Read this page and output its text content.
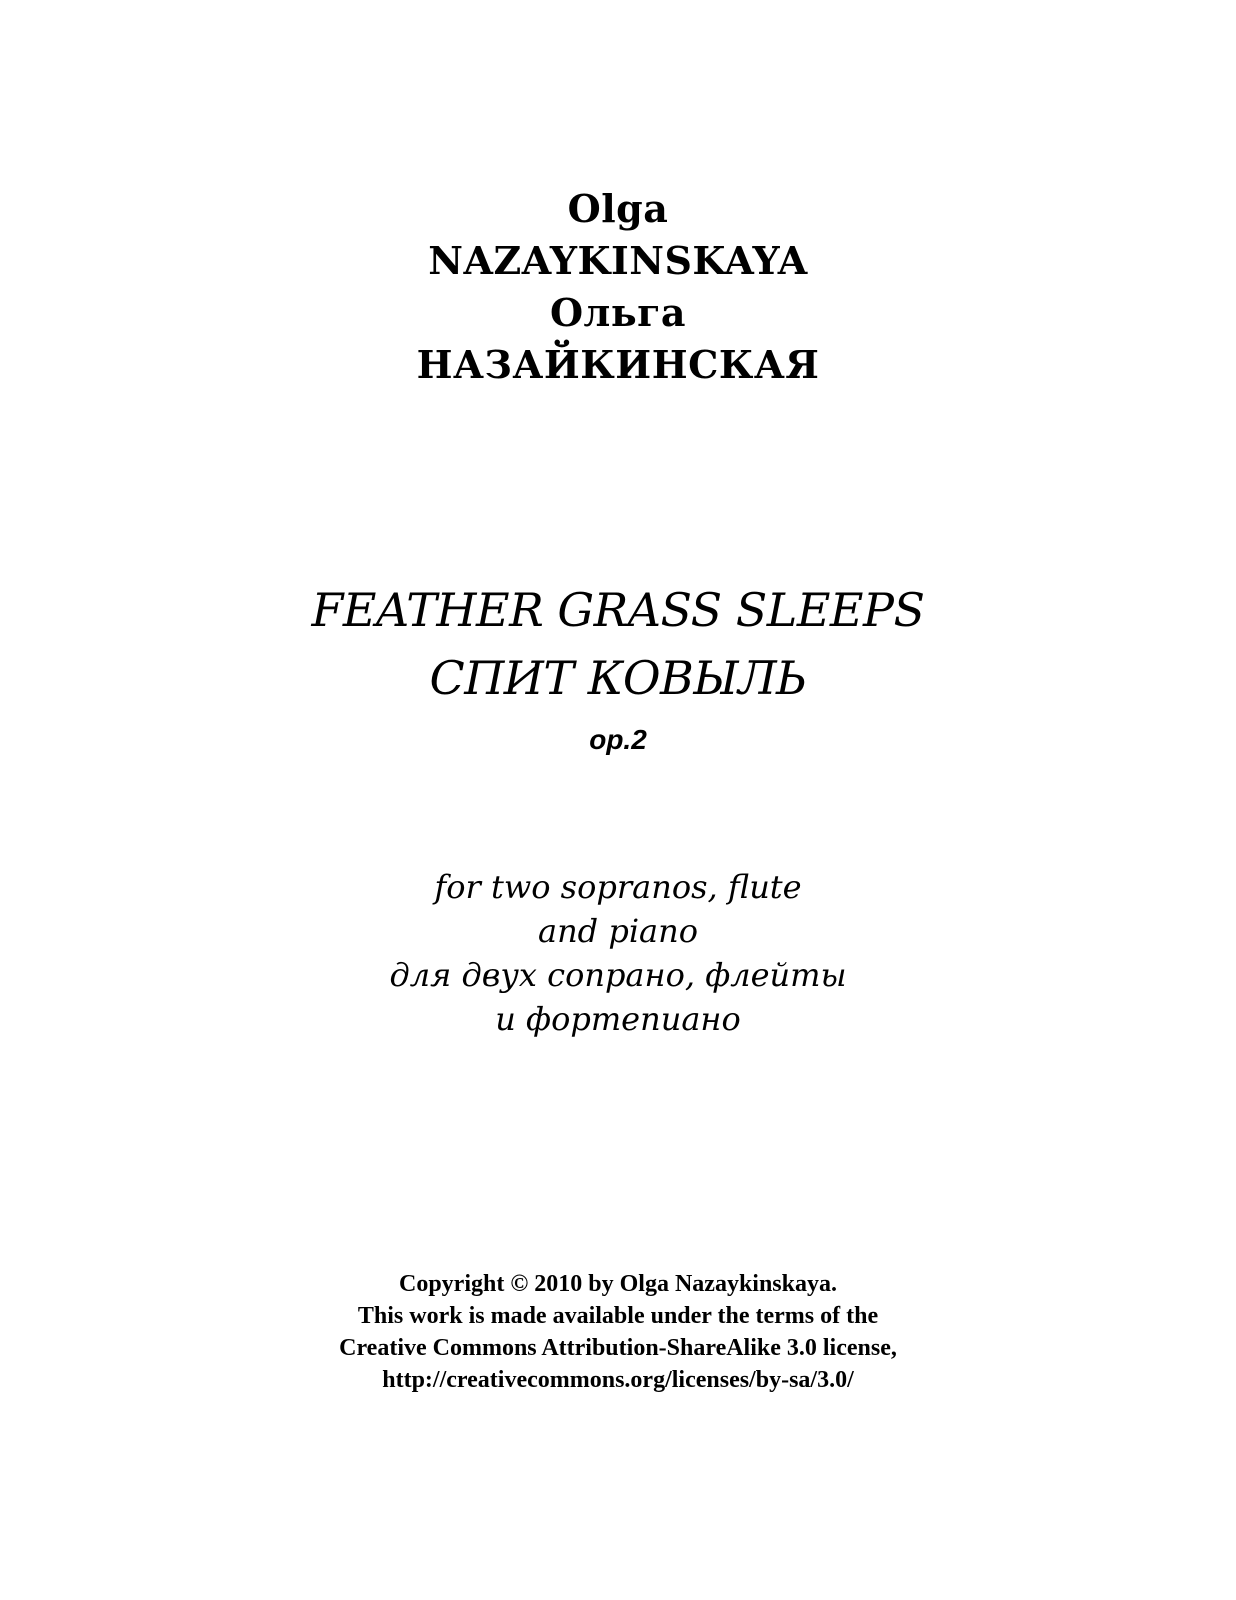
Olga
NAZAYKINSKAYA
Ольга
НАЗАЙКИНСКАЯ
FEATHER GRASS SLEEPS
СПИТ КОВЫЛЬ
op.2
for two sopranos, flute
and piano
для двух сопрано, флейты
и фортепиано
Copyright © 2010 by Olga Nazaykinskaya.
This work is made available under the terms of the
Creative Commons Attribution-ShareAlike 3.0 license,
http://creativecommons.org/licenses/by-sa/3.0/
